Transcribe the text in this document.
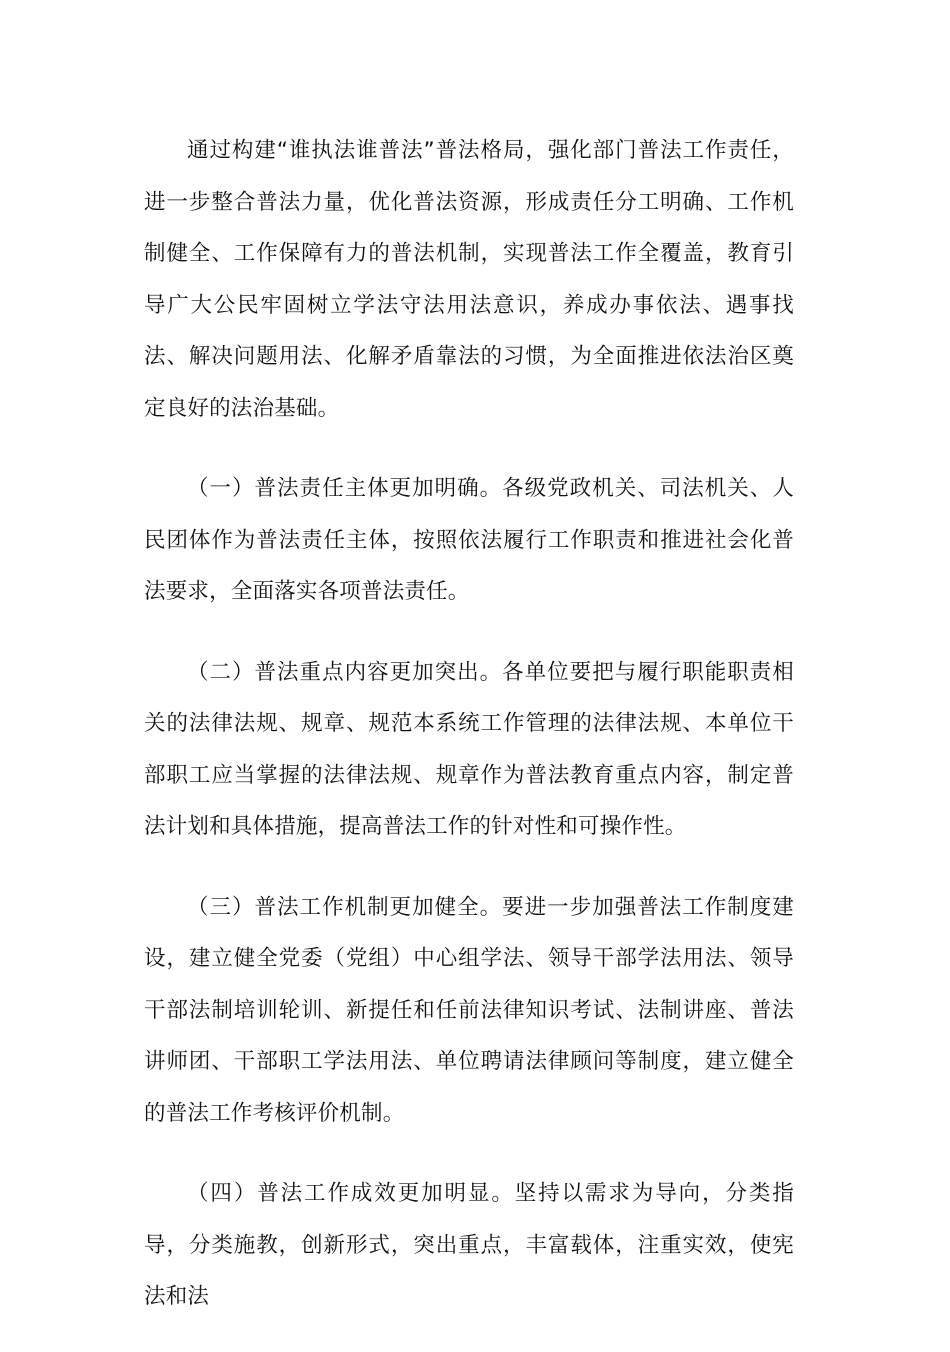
通过构建“谁执法谁普法”普法格局，强化部门普法工作责任，进一步整合普法力量，优化普法资源，形成责任分工明确、工作机制健全、工作保障有力的普法机制，实现普法工作全覆盖，教育引导广大公民牢固树立学法守法用法意识，养成办事依法、遇事找法、解决问题用法、化解矛盾靠法的习惯，为全面推进依法治区奠定良好的法治基础。

（一）普法责任主体更加明确。各级党政机关、司法机关、人民团体作为普法责任主体，按照依法履行工作职责和推进社会化普法要求，全面落实各项普法责任。

（二）普法重点内容更加突出。各单位要把与履行职能职责相关的法律法规、规章、规范本系统工作管理的法律法规、本单位干部职工应当掌握的法律法规、规章作为普法教育重点内容，制定普法计划和具体措施，提高普法工作的针对性和可操作性。

（三）普法工作机制更加健全。要进一步加强普法工作制度建设，建立健全党委（党组）中心组学法、领导干部学法用法、领导干部法制培训轮训、新提任和任前法律知识考试、法制讲座、普法讲师团、干部职工学法用法、单位聘请法律顾问等制度，建立健全的普法工作考核评价机制。

（四）普法工作成效更加明显。坚持以需求为导向，分类指导，分类施教，创新形式，突出重点，丰富载体，注重实效，使宪法和法
